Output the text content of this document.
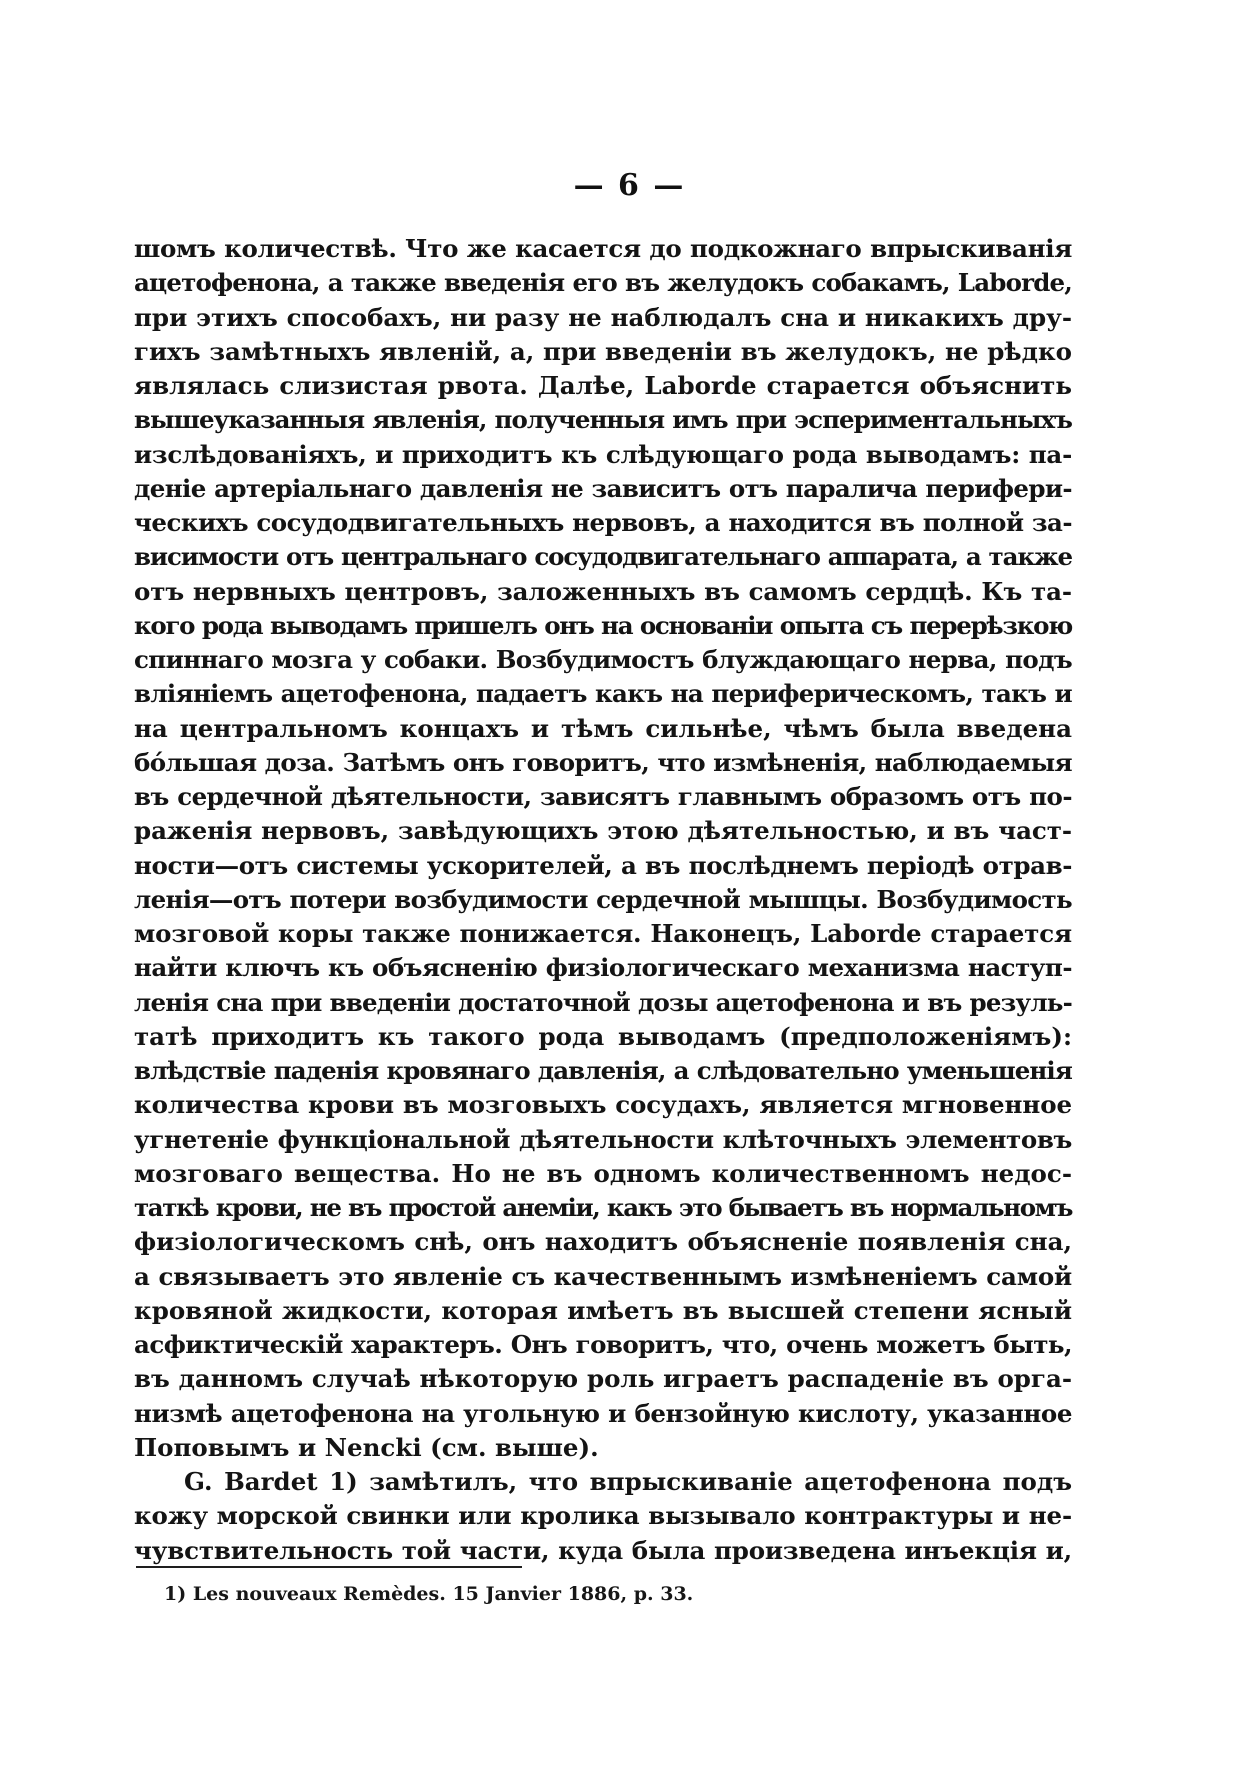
— 6 —
шомъ количествѣ. Что же касается до подкожнаго впрыскиванія
ацетофенона, а также введенія его въ желудокъ собакамъ, Laborde,
при этихъ способахъ, ни разу не наблюдалъ сна и никакихъ дру-
гихъ замѣтныхъ явленій, а, при введеніи въ желудокъ, не рѣдко
являлась слизистая рвота. Далѣе, Laborde старается объяснить
вышеуказанныя явленія, полученныя имъ при эспериментальныхъ
изслѣдованіяхъ, и приходитъ къ слѣдующаго рода выводамъ: па-
деніе артеріальнаго давленія не зависитъ отъ паралича перифери-
ческихъ сосудодвигательныхъ нервовъ, а находится въ полной за-
висимости отъ центральнаго сосудодвигательнаго аппарата, а также
отъ нервныхъ центровъ, заложенныхъ въ самомъ сердцѣ. Къ та-
кого рода выводамъ пришелъ онъ на основаніи опыта съ перерѣзкою
спиннаго мозга у собаки. Возбудимостъ блуждающаго нерва, подъ
вліяніемъ ацетофенона, падаетъ какъ на периферическомъ, такъ и
на центральномъ концахъ и тѣмъ сильнѣе, чѣмъ была введена
бо́льшая доза. Затѣмъ онъ говоритъ, что измѣненія, наблюдаемыя
въ сердечной дѣятельности, зависятъ главнымъ образомъ отъ по-
раженія нервовъ, завѣдующихъ этою дѣятельностью, и въ част-
ности—отъ системы ускорителей, а въ послѣднемъ періодѣ отрав-
ленія—отъ потери возбудимости сердечной мышцы. Возбудимость
мозговой коры также понижается. Наконецъ, Laborde старается
найти ключъ къ объясненію физіологическаго механизма наступ-
ленія сна при введеніи достаточной дозы ацетофенона и въ резуль-
татѣ приходитъ къ такого рода выводамъ (предположеніямъ):
влѣдствіе паденія кровянаго давленія, а слѣдовательно уменьшенія
количества крови въ мозговыхъ сосудахъ, является мгновенное
угнетеніе функціональной дѣятельности клѣточныхъ элементовъ
мозговаго вещества. Но не въ одномъ количественномъ недос-
таткѣ крови, не въ простой анеміи, какъ это бываетъ въ нормальномъ
физіологическомъ снѣ, онъ находитъ объясненіе появленія сна,
а связываетъ это явленіе съ качественнымъ измѣненіемъ самой
кровяной жидкости, которая имѣетъ въ высшей степени ясный
асфиктическій характеръ. Онъ говоритъ, что, очень можетъ быть,
въ данномъ случаѣ нѣкоторую роль играетъ распаденіе въ орга-
низмѣ ацетофенона на угольную и бензойную кислоту, указанное
Поповымъ и Nencki (см. выше).
G. Bardet 1) замѣтилъ, что впрыскиваніе ацетофенона подъ
кожу морской свинки или кролика вызывало контрактуры и не-
чувствительность той части, куда была произведена инъекція и,
1) Les nouveaux Remèdes. 15 Janvier 1886, p. 33.
